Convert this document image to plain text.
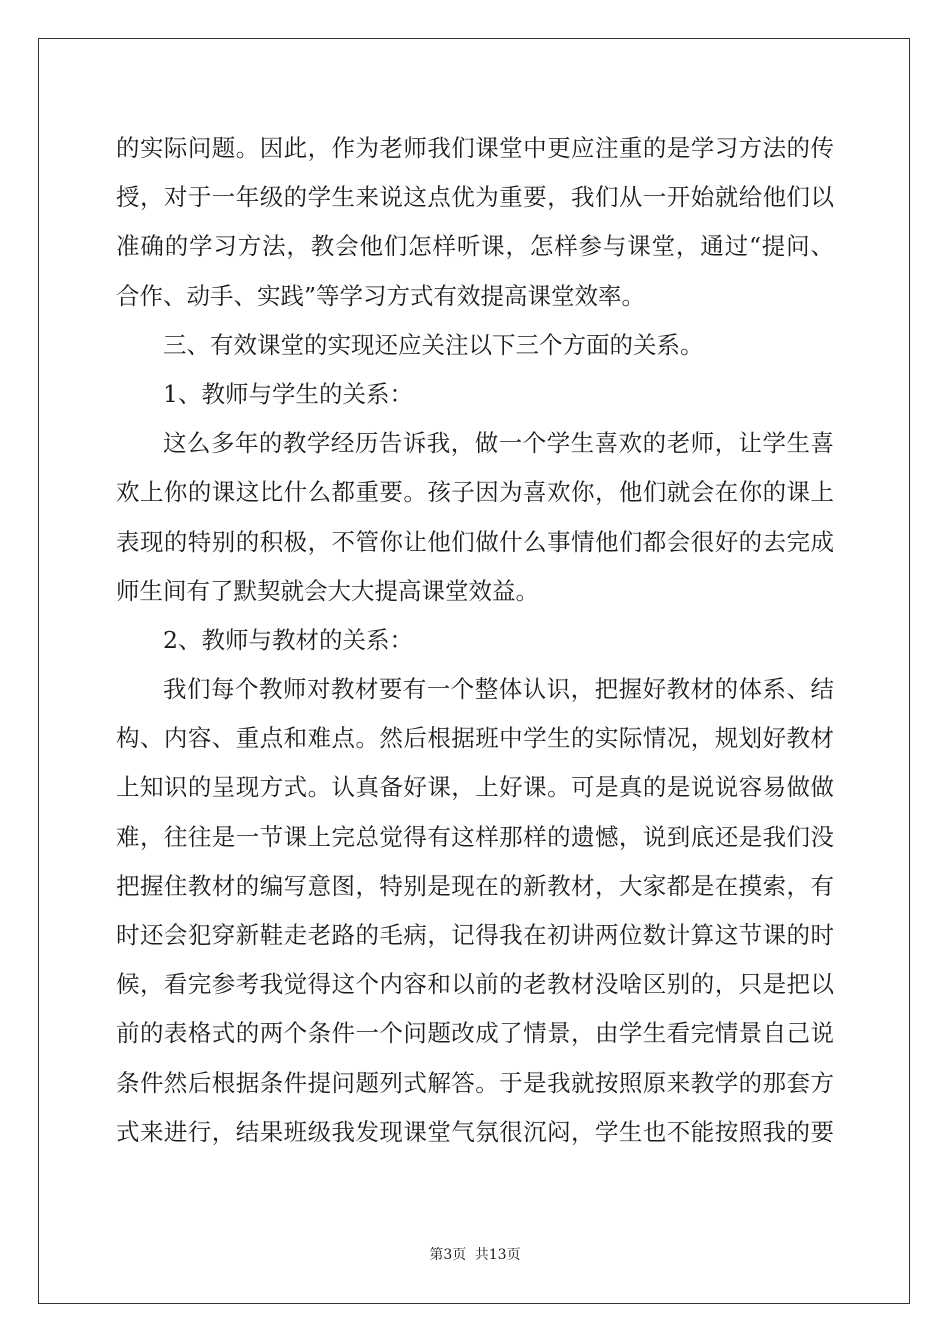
的实际问题。因此，作为老师我们课堂中更应注重的是学习方法的传
授，对于一年级的学生来说这点优为重要，我们从一开始就给他们以
准确的学习方法，教会他们怎样听课，怎样参与课堂，通过“提问、
合作、动手、实践”等学习方式有效提高课堂效率。
三、有效课堂的实现还应关注以下三个方面的关系。
1、教师与学生的关系：
这么多年的教学经历告诉我，做一个学生喜欢的老师，让学生喜
欢上你的课这比什么都重要。孩子因为喜欢你，他们就会在你的课上
表现的特别的积极，不管你让他们做什么事情他们都会很好的去完成
师生间有了默契就会大大提高课堂效益。
2、教师与教材的关系：
我们每个教师对教材要有一个整体认识，把握好教材的体系、结
构、内容、重点和难点。然后根据班中学生的实际情况，规划好教材
上知识的呈现方式。认真备好课，上好课。可是真的是说说容易做做
难，往往是一节课上完总觉得有这样那样的遗憾，说到底还是我们没
把握住教材的编写意图，特别是现在的新教材，大家都是在摸索，有
时还会犯穿新鞋走老路的毛病，记得我在初讲两位数计算这节课的时
候，看完参考我觉得这个内容和以前的老教材没啥区别的，只是把以
前的表格式的两个条件一个问题改成了情景，由学生看完情景自己说
条件然后根据条件提问题列式解答。于是我就按照原来教学的那套方
式来进行，结果班级我发现课堂气氛很沉闷，学生也不能按照我的要
第3页 共13页
